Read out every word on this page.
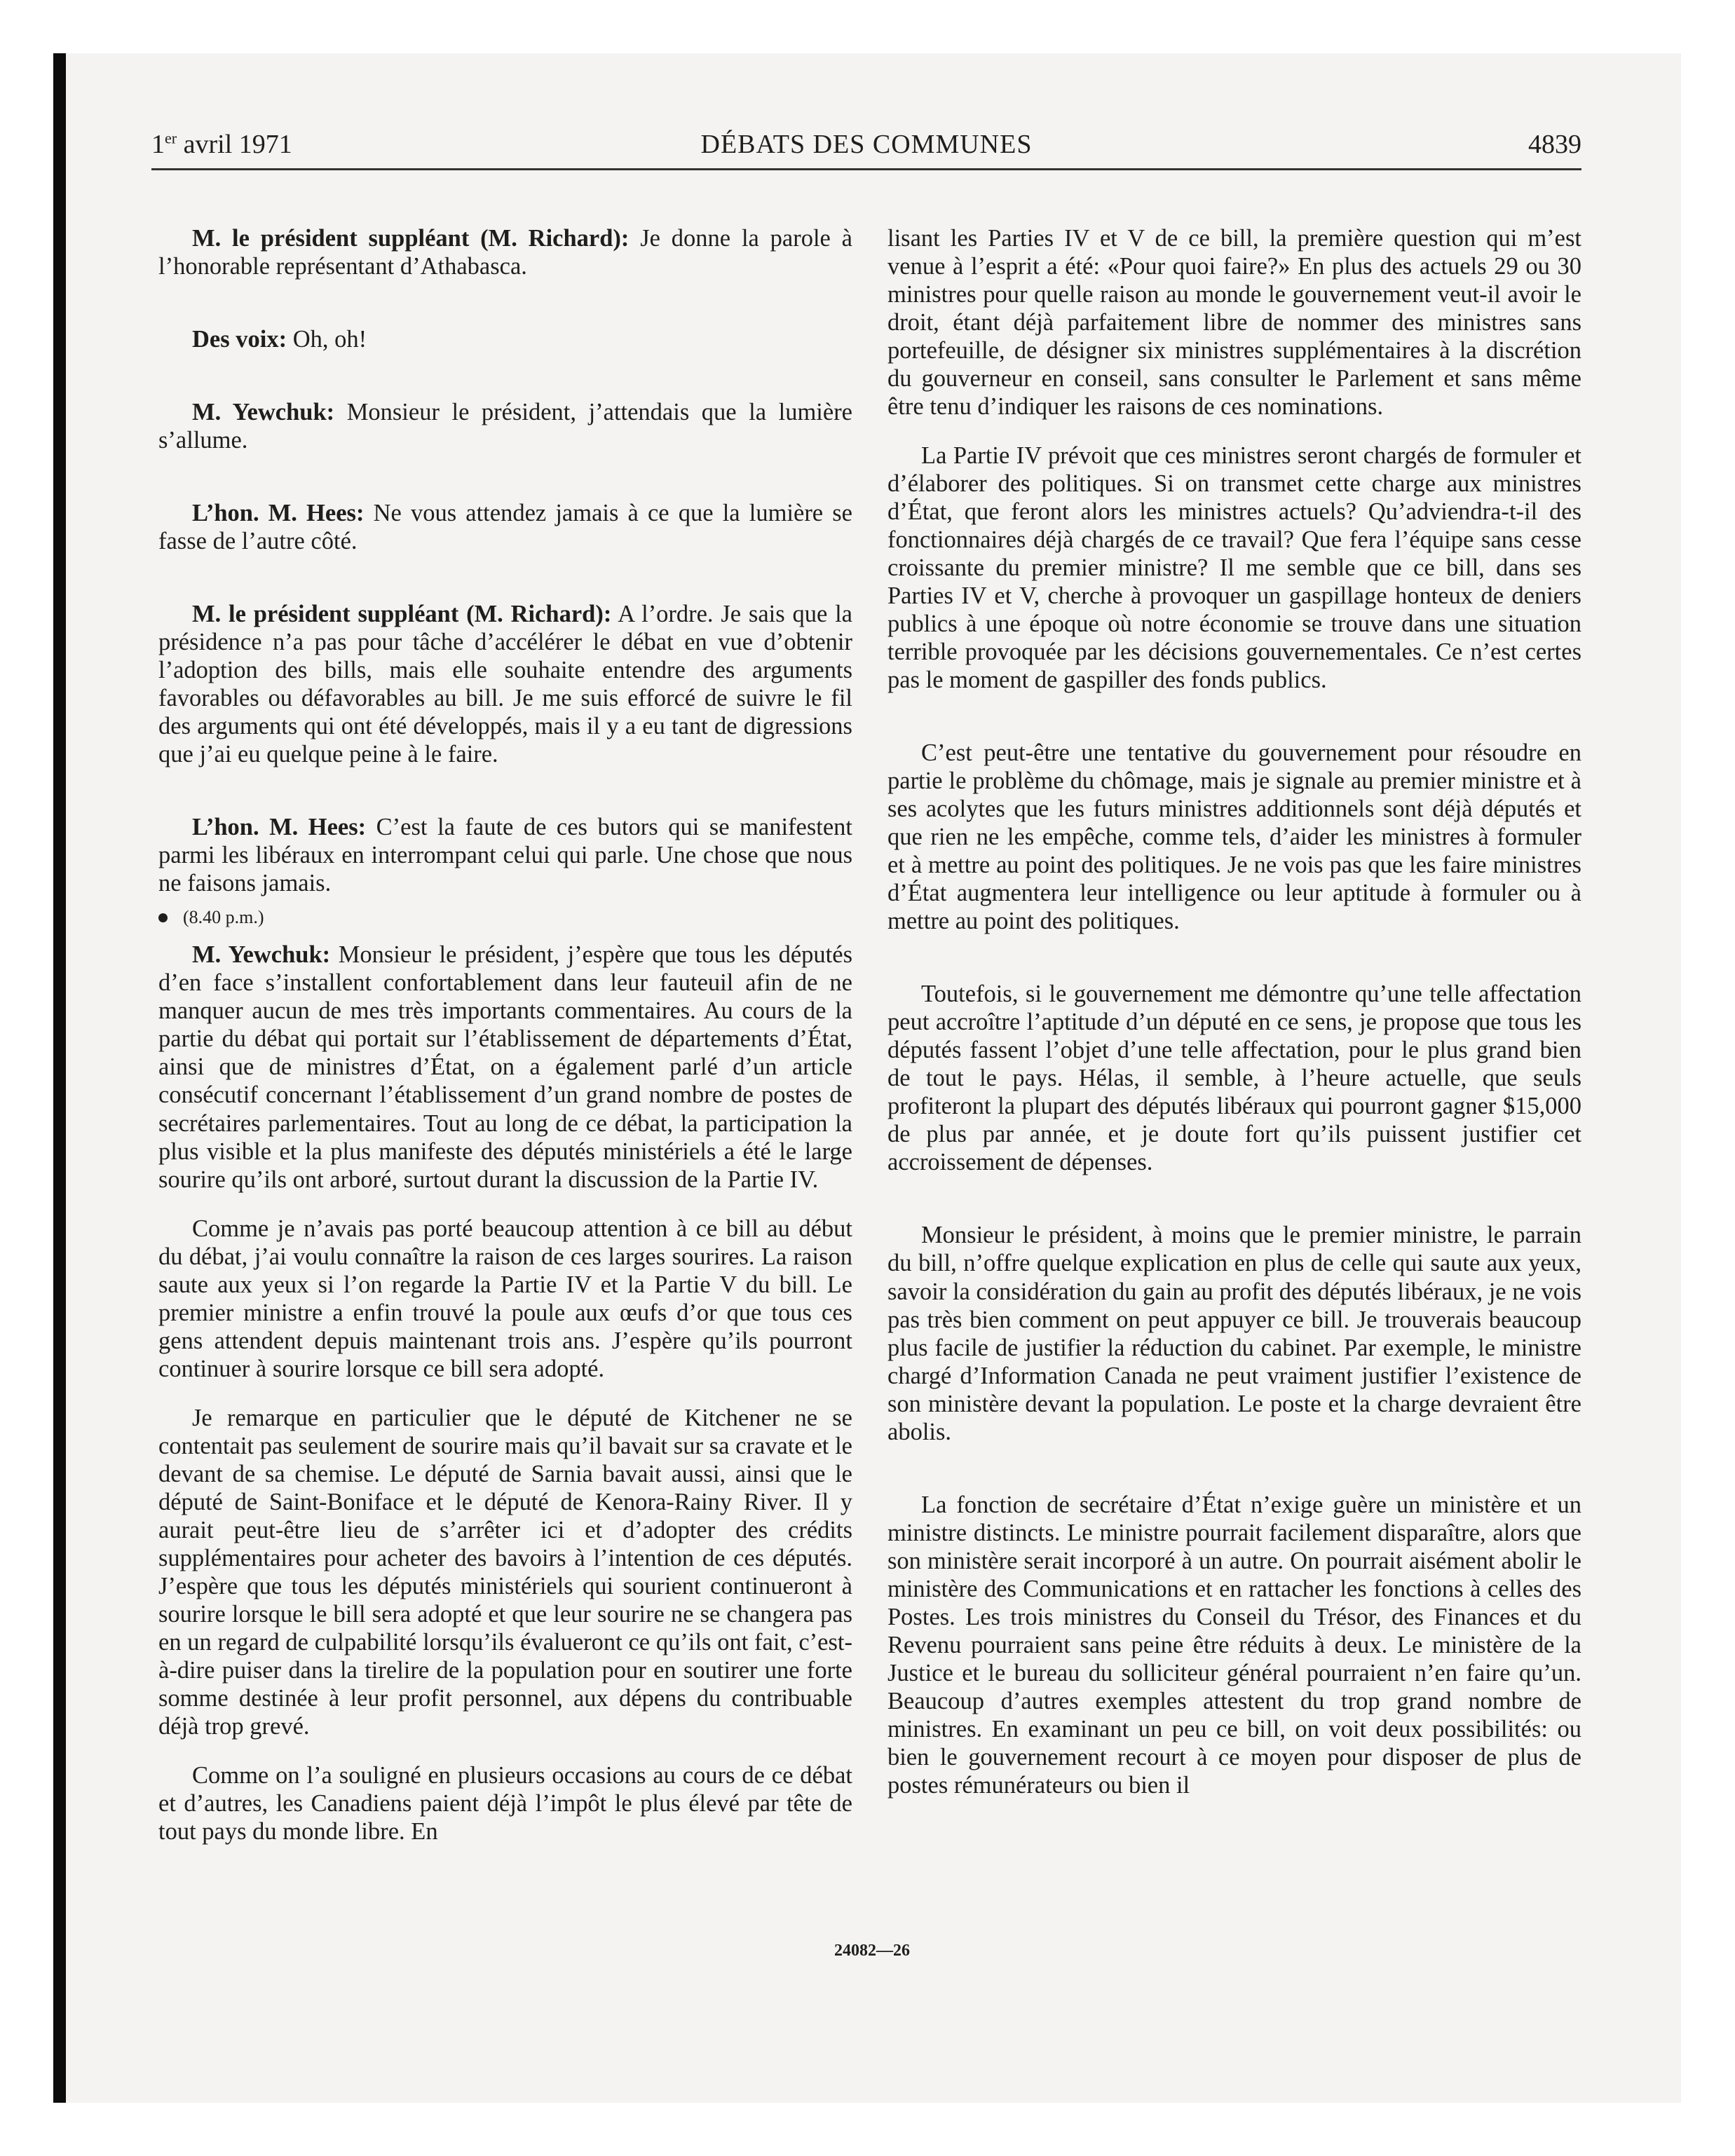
1er avril 1971	DÉBATS DES COMMUNES	4839

M. le président suppléant (M. Richard): Je donne la parole à l’honorable représentant d’Athabasca.

Des voix: Oh, oh!

M. Yewchuk: Monsieur le président, j’attendais que la lumière s’allume.

L’hon. M. Hees: Ne vous attendez jamais à ce que la lumière se fasse de l’autre côté.

M. le président suppléant (M. Richard): A l’ordre. Je sais que la présidence n’a pas pour tâche d’accélérer le débat en vue d’obtenir l’adoption des bills, mais elle souhaite entendre des arguments favorables ou défavorables au bill. Je me suis efforcé de suivre le fil des arguments qui ont été développés, mais il y a eu tant de digressions que j’ai eu quelque peine à le faire.

L’hon. M. Hees: C’est la faute de ces butors qui se manifestent parmi les libéraux en interrompant celui qui parle. Une chose que nous ne faisons jamais.

(8.40 p.m.)

M. Yewchuk: Monsieur le président, j’espère que tous les députés d’en face s’installent confortablement dans leur fauteuil afin de ne manquer aucun de mes très importants commentaires. Au cours de la partie du débat qui portait sur l’établissement de départements d’État, ainsi que de ministres d’État, on a également parlé d’un article consécutif concernant l’établissement d’un grand nombre de postes de secrétaires parlementaires. Tout au long de ce débat, la participation la plus visible et la plus manifeste des députés ministériels a été le large sourire qu’ils ont arboré, surtout durant la discussion de la Partie IV.

Comme je n’avais pas porté beaucoup attention à ce bill au début du débat, j’ai voulu connaître la raison de ces larges sourires. La raison saute aux yeux si l’on regarde la Partie IV et la Partie V du bill. Le premier ministre a enfin trouvé la poule aux œufs d’or que tous ces gens attendent depuis maintenant trois ans. J’espère qu’ils pourront continuer à sourire lorsque ce bill sera adopté.

Je remarque en particulier que le député de Kitchener ne se contentait pas seulement de sourire mais qu’il bavait sur sa cravate et le devant de sa chemise. Le député de Sarnia bavait aussi, ainsi que le député de Saint-Boniface et le député de Kenora-Rainy River. Il y aurait peut-être lieu de s’arrêter ici et d’adopter des crédits supplémentaires pour acheter des bavoirs à l’intention de ces députés. J’espère que tous les députés ministériels qui sourient continueront à sourire lorsque le bill sera adopté et que leur sourire ne se changera pas en un regard de culpabilité lorsqu’ils évalueront ce qu’ils ont fait, c’est-à-dire puiser dans la tirelire de la population pour en soutirer une forte somme destinée à leur profit personnel, aux dépens du contribuable déjà trop grevé.

Comme on l’a souligné en plusieurs occasions au cours de ce débat et d’autres, les Canadiens paient déjà l’impôt le plus élevé par tête de tout pays du monde libre. En

lisant les Parties IV et V de ce bill, la première question qui m’est venue à l’esprit a été: «Pour quoi faire?» En plus des actuels 29 ou 30 ministres pour quelle raison au monde le gouvernement veut-il avoir le droit, étant déjà parfaitement libre de nommer des ministres sans portefeuille, de désigner six ministres supplémentaires à la discrétion du gouverneur en conseil, sans consulter le Parlement et sans même être tenu d’indiquer les raisons de ces nominations.

La Partie IV prévoit que ces ministres seront chargés de formuler et d’élaborer des politiques. Si on transmet cette charge aux ministres d’État, que feront alors les ministres actuels? Qu’adviendra-t-il des fonctionnaires déjà chargés de ce travail? Que fera l’équipe sans cesse croissante du premier ministre? Il me semble que ce bill, dans ses Parties IV et V, cherche à provoquer un gaspillage honteux de deniers publics à une époque où notre économie se trouve dans une situation terrible provoquée par les décisions gouvernementales. Ce n’est certes pas le moment de gaspiller des fonds publics.

C’est peut-être une tentative du gouvernement pour résoudre en partie le problème du chômage, mais je signale au premier ministre et à ses acolytes que les futurs ministres additionnels sont déjà députés et que rien ne les empêche, comme tels, d’aider les ministres à formuler et à mettre au point des politiques. Je ne vois pas que les faire ministres d’État augmentera leur intelligence ou leur aptitude à formuler ou à mettre au point des politiques.

Toutefois, si le gouvernement me démontre qu’une telle affectation peut accroître l’aptitude d’un député en ce sens, je propose que tous les députés fassent l’objet d’une telle affectation, pour le plus grand bien de tout le pays. Hélas, il semble, à l’heure actuelle, que seuls profiteront la plupart des députés libéraux qui pourront gagner $15,000 de plus par année, et je doute fort qu’ils puissent justifier cet accroissement de dépenses.

Monsieur le président, à moins que le premier ministre, le parrain du bill, n’offre quelque explication en plus de celle qui saute aux yeux, savoir la considération du gain au profit des députés libéraux, je ne vois pas très bien comment on peut appuyer ce bill. Je trouverais beaucoup plus facile de justifier la réduction du cabinet. Par exemple, le ministre chargé d’Information Canada ne peut vraiment justifier l’existence de son ministère devant la population. Le poste et la charge devraient être abolis.

La fonction de secrétaire d’État n’exige guère un ministère et un ministre distincts. Le ministre pourrait facilement disparaître, alors que son ministère serait incorporé à un autre. On pourrait aisément abolir le ministère des Communications et en rattacher les fonctions à celles des Postes. Les trois ministres du Conseil du Trésor, des Finances et du Revenu pourraient sans peine être réduits à deux. Le ministère de la Justice et le bureau du solliciteur général pourraient n’en faire qu’un. Beaucoup d’autres exemples attestent du trop grand nombre de ministres. En examinant un peu ce bill, on voit deux possibilités: ou bien le gouvernement recourt à ce moyen pour disposer de plus de postes rémunérateurs ou bien il

24082—26
